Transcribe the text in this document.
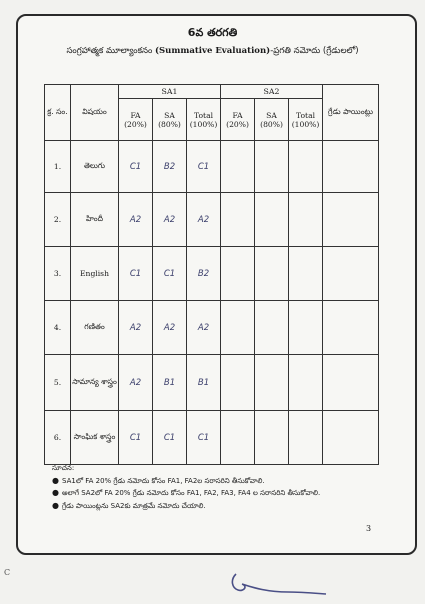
6వ తరగతి
సంగ్రహాత్మక మూల్యాంకనం (Summative Evaluation)-ప్రగతి నమోదు (గ్రేడులలో)
క్ర. సం.	విషయం	SA1			SA2			గ్రేడు పాయింట్లు
		FA (20%)	SA (80%)	Total (100%)	FA (20%)	SA (80%)	Total (100%)	
1.	తెలుగు	C1	B2	C1				
2.	హిందీ	A2	A2	A2				
3.	English	C1	C1	B2				
4.	గణితం	A2	A2	A2				
5.	సామాన్య శాస్త్రం	A2	B1	B1				
6.	సాంఘిక శాస్త్రం	C1	C1	C1				
సూచన:
● SA1లో FA 20% గ్రేడు నమోదు కోసం FA1, FA2ల సరాసరిని తీసుకోవాలి.
● అలాగే SA2లో FA 20% గ్రేడు నమోదు కోసం FA1, FA2, FA3, FA4 ల సరాసరిని తీసుకోవాలి.
● గ్రేడు పాయింట్లను SA2కు మాత్రమే నమోదు చేయాలి.
3
C
